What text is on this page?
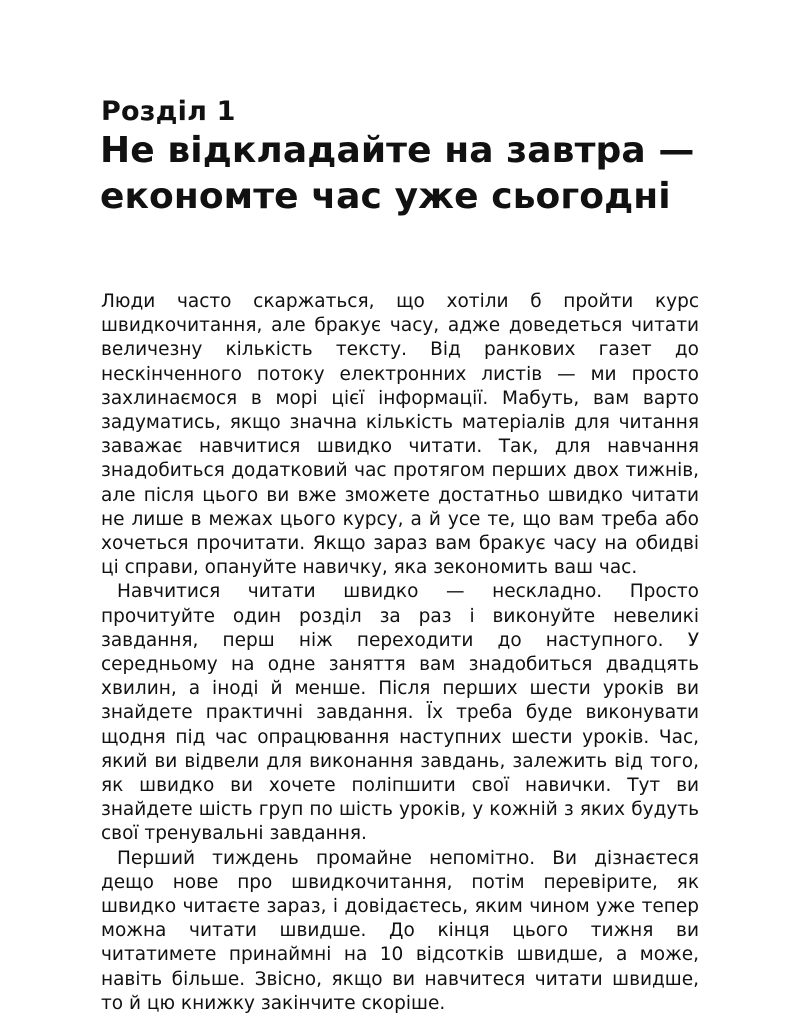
Розділ 1
Не відкладайте на завтра —
економте час уже сьогодні

Люди часто скаржаться, що хотіли б пройти курс швидкочитання, але бракує часу, адже доведеться читати величезну кількість тексту. Від ранкових газет до нескінченного потоку електронних листів — ми просто захлинаємося в морі цієї інформації. Мабуть, вам варто задуматись, якщо значна кількість матеріалів для читання заважає навчитися швидко читати. Так, для навчання знадобиться додатковий час протягом перших двох тижнів, але після цього ви вже зможете достатньо швидко читати не лише в межах цього курсу, а й усе те, що вам треба або хочеться прочитати. Якщо зараз вам бракує часу на обидві ці справи, опануйте навичку, яка зекономить ваш час.

Навчитися читати швидко — нескладно. Просто прочитуйте один розділ за раз і виконуйте невеликі завдання, перш ніж переходити до наступного. У середньому на одне заняття вам знадобиться двадцять хвилин, а іноді й менше. Після перших шести уроків ви знайдете практичні завдання. Їх треба буде виконувати щодня під час опрацювання наступних шести уроків. Час, який ви відвели для виконання завдань, залежить від того, як швидко ви хочете поліпшити свої навички. Тут ви знайдете шість груп по шість уроків, у кожній з яких будуть свої тренувальні завдання.

Перший тиждень промайне непомітно. Ви дізнаєтеся дещо нове про швидкочитання, потім перевірите, як швидко читаєте зараз, і довідаєтесь, яким чином уже тепер можна читати швидше. До кінця цього тижня ви читатимете принаймні на 10 відсотків швидше, а може, навіть більше. Звісно, якщо ви навчитеся читати швидше, то й цю книжку закінчите скоріше.
